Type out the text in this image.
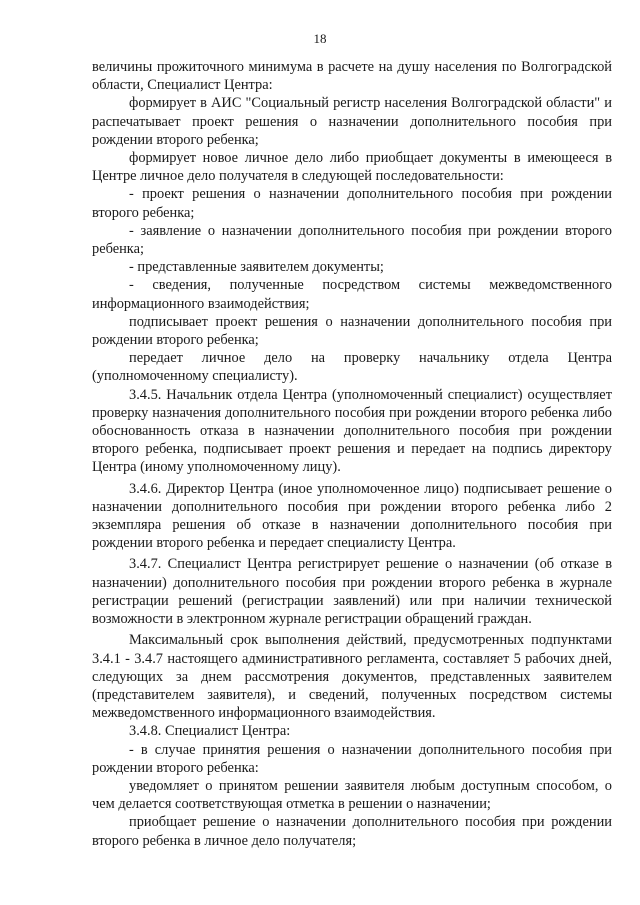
18

величины прожиточного минимума в расчете на душу населения по Волгоградской области, Специалист Центра:

формирует в АИС "Социальный регистр населения Волгоградской области" и распечатывает проект решения о назначении дополнительного пособия при рождении второго ребенка;

формирует новое личное дело либо приобщает документы в имеющееся в Центре личное дело получателя в следующей последовательности:

- проект решения о назначении дополнительного пособия при рождении второго ребенка;

- заявление о назначении дополнительного пособия при рождении второго ребенка;

- представленные заявителем документы;

- сведения, полученные посредством системы межведомственного информационного взаимодействия;

подписывает проект решения о назначении дополнительного пособия при рождении второго ребенка;

передает личное дело на проверку начальнику отдела Центра (уполномоченному специалисту).

3.4.5. Начальник отдела Центра (уполномоченный специалист) осуществляет проверку назначения дополнительного пособия при рождении второго ребенка либо обоснованность отказа в назначении дополнительного пособия при рождении второго ребенка, подписывает проект решения и передает на подпись директору Центра (иному уполномоченному лицу).

3.4.6. Директор Центра (иное уполномоченное лицо) подписывает решение о назначении дополнительного пособия при рождении второго ребенка либо 2 экземпляра решения об отказе в назначении дополнительного пособия при рождении второго ребенка и передает специалисту Центра.

3.4.7. Специалист Центра регистрирует решение о назначении (об отказе в назначении) дополнительного пособия при рождении второго ребенка в журнале регистрации решений (регистрации заявлений) или при наличии технической возможности в электронном журнале регистрации обращений граждан.

Максимальный срок выполнения действий, предусмотренных подпунктами 3.4.1 - 3.4.7 настоящего административного регламента, составляет 5 рабочих дней, следующих за днем рассмотрения документов, представленных заявителем (представителем заявителя), и сведений, полученных посредством системы межведомственного информационного взаимодействия.

3.4.8. Специалист Центра:

- в случае принятия решения о назначении дополнительного пособия при рождении второго ребенка:

уведомляет о принятом решении заявителя любым доступным способом, о чем делается соответствующая отметка в решении о назначении;

приобщает решение о назначении дополнительного пособия при рождении второго ребенка в личное дело получателя;
